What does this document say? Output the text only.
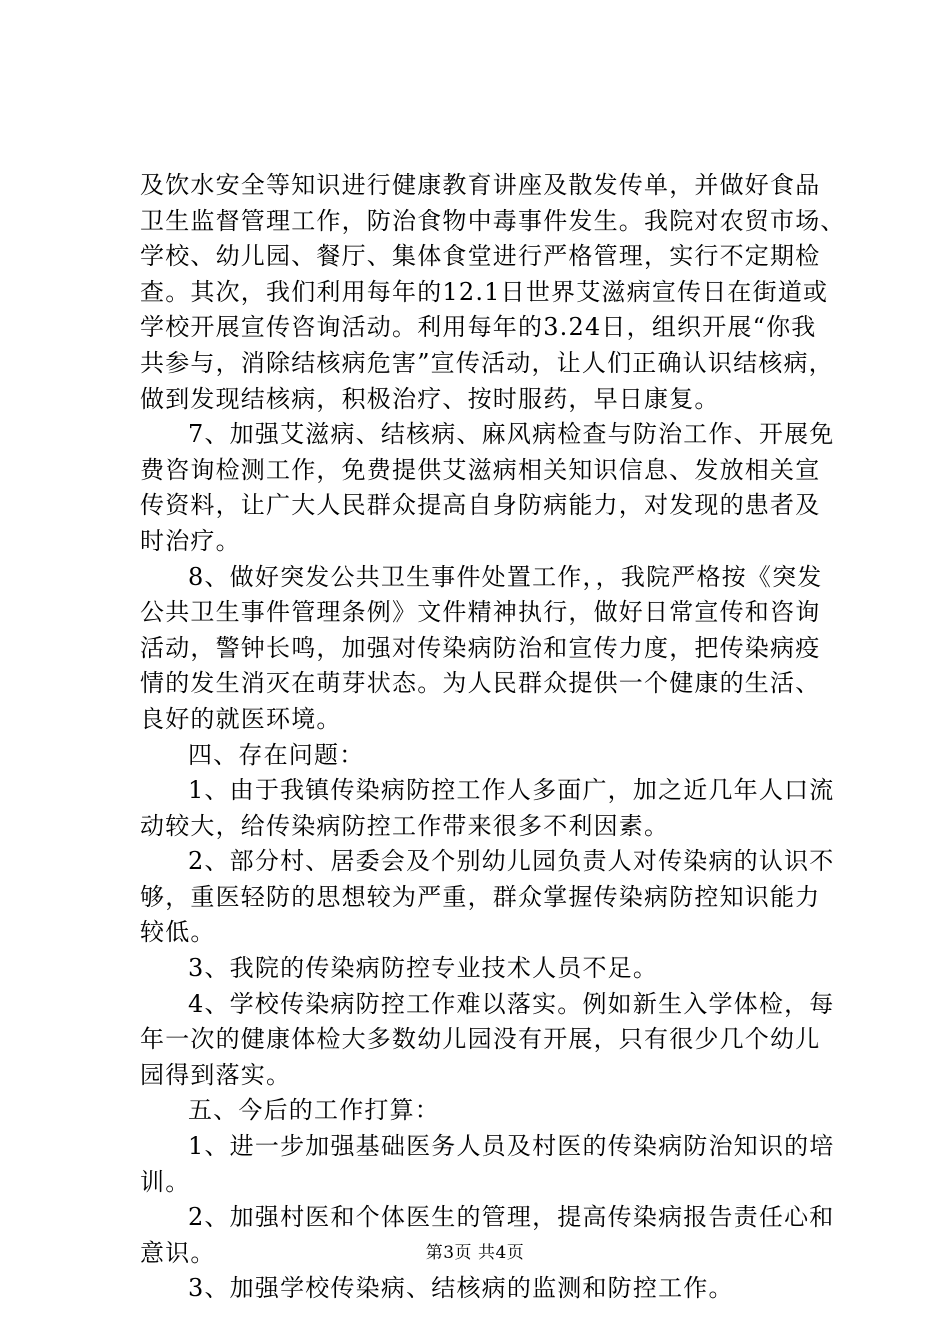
及饮水安全等知识进行健康教育讲座及散发传单，并做好食品
卫生监督管理工作，防治食物中毒事件发生。我院对农贸市场、
学校、幼儿园、餐厅、集体食堂进行严格管理，实行不定期检
查。其次，我们利用每年的12.1日世界艾滋病宣传日在街道或
学校开展宣传咨询活动。利用每年的3.24日，组织开展“你我
共参与，消除结核病危害”宣传活动，让人们正确认识结核病，
做到发现结核病，积极治疗、按时服药，早日康复。
7、加强艾滋病、结核病、麻风病检查与防治工作、开展免
费咨询检测工作，免费提供艾滋病相关知识信息、发放相关宣
传资料，让广大人民群众提高自身防病能力，对发现的患者及
时治疗。
8、做好突发公共卫生事件处置工作，，我院严格按《突发
公共卫生事件管理条例》文件精神执行，做好日常宣传和咨询
活动，警钟长鸣，加强对传染病防治和宣传力度，把传染病疫
情的发生消灭在萌芽状态。为人民群众提供一个健康的生活、
良好的就医环境。
四、存在问题：
1、由于我镇传染病防控工作人多面广，加之近几年人口流
动较大，给传染病防控工作带来很多不利因素。
2、部分村、居委会及个别幼儿园负责人对传染病的认识不
够，重医轻防的思想较为严重，群众掌握传染病防控知识能力
较低。
3、我院的传染病防控专业技术人员不足。
4、学校传染病防控工作难以落实。例如新生入学体检，每
年一次的健康体检大多数幼儿园没有开展，只有很少几个幼儿
园得到落实。
五、今后的工作打算：
1、进一步加强基础医务人员及村医的传染病防治知识的培
训。
2、加强村医和个体医生的管理，提高传染病报告责任心和
意识。
3、加强学校传染病、结核病的监测和防控工作。
第3页 共4页
